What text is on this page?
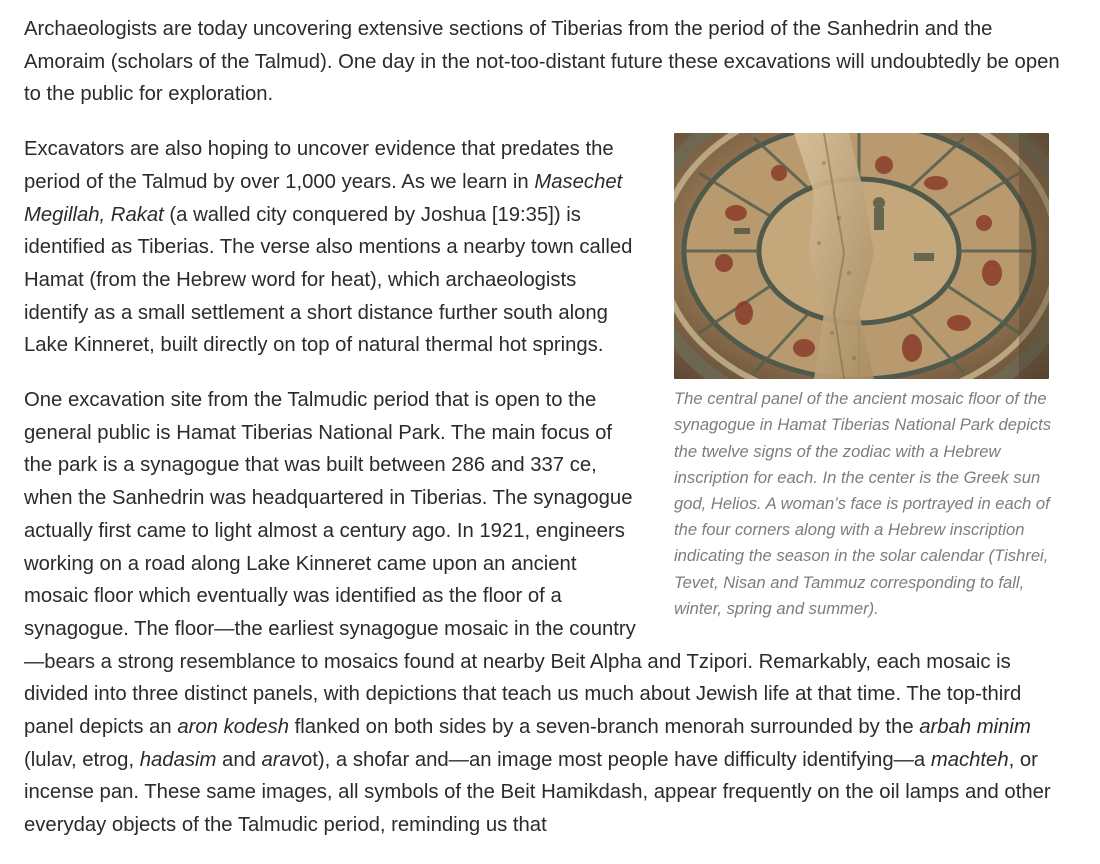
Archaeologists are today uncovering extensive sections of Tiberias from the period of the Sanhedrin and the Amoraim (scholars of the Talmud). One day in the not-too-distant future these excavations will undoubtedly be open to the public for exploration.

The central panel of the ancient mosaic floor of the synagogue in Hamat Tiberias National Park depicts the twelve signs of the zodiac with a Hebrew inscription for each. In the center is the Greek sun god, Helios. A woman’s face is portrayed in each of the four corners along with a Hebrew inscription indicating the season in the solar calendar (Tishrei, Tevet, Nisan and Tammuz corresponding to fall, winter, spring and summer).

Excavators are also hoping to uncover evidence that predates the period of the Talmud by over 1,000 years. As we learn in Masechet Megillah, Rakat (a walled city conquered by Joshua [19:35]) is identified as Tiberias. The verse also mentions a nearby town called Hamat (from the Hebrew word for heat), which archaeologists identify as a small settlement a short distance further south along Lake Kinneret, built directly on top of natural thermal hot springs.

One excavation site from the Talmudic period that is open to the general public is Hamat Tiberias National Park. The main focus of the park is a synagogue that was built between 286 and 337 ce, when the Sanhedrin was headquartered in Tiberias. The synagogue actually first came to light almost a century ago. In 1921, engineers working on a road along Lake Kinneret came upon an ancient mosaic floor which eventually was identified as the floor of a synagogue. The floor—the earliest synagogue mosaic in the country—bears a strong resemblance to mosaics found at nearby Beit Alpha and Tzipori. Remarkably, each mosaic is divided into three distinct panels, with depictions that teach us much about Jewish life at that time. The top-third panel depicts an aron kodesh flanked on both sides by a seven-branch menorah surrounded by the arbah minim (lulav, etrog, hadasim and aravot), a shofar and—an image most people have difficulty identifying—a machteh, or incense pan. These same images, all symbols of the Beit Hamikdash, appear frequently on the oil lamps and other everyday objects of the Talmudic period, reminding us that
